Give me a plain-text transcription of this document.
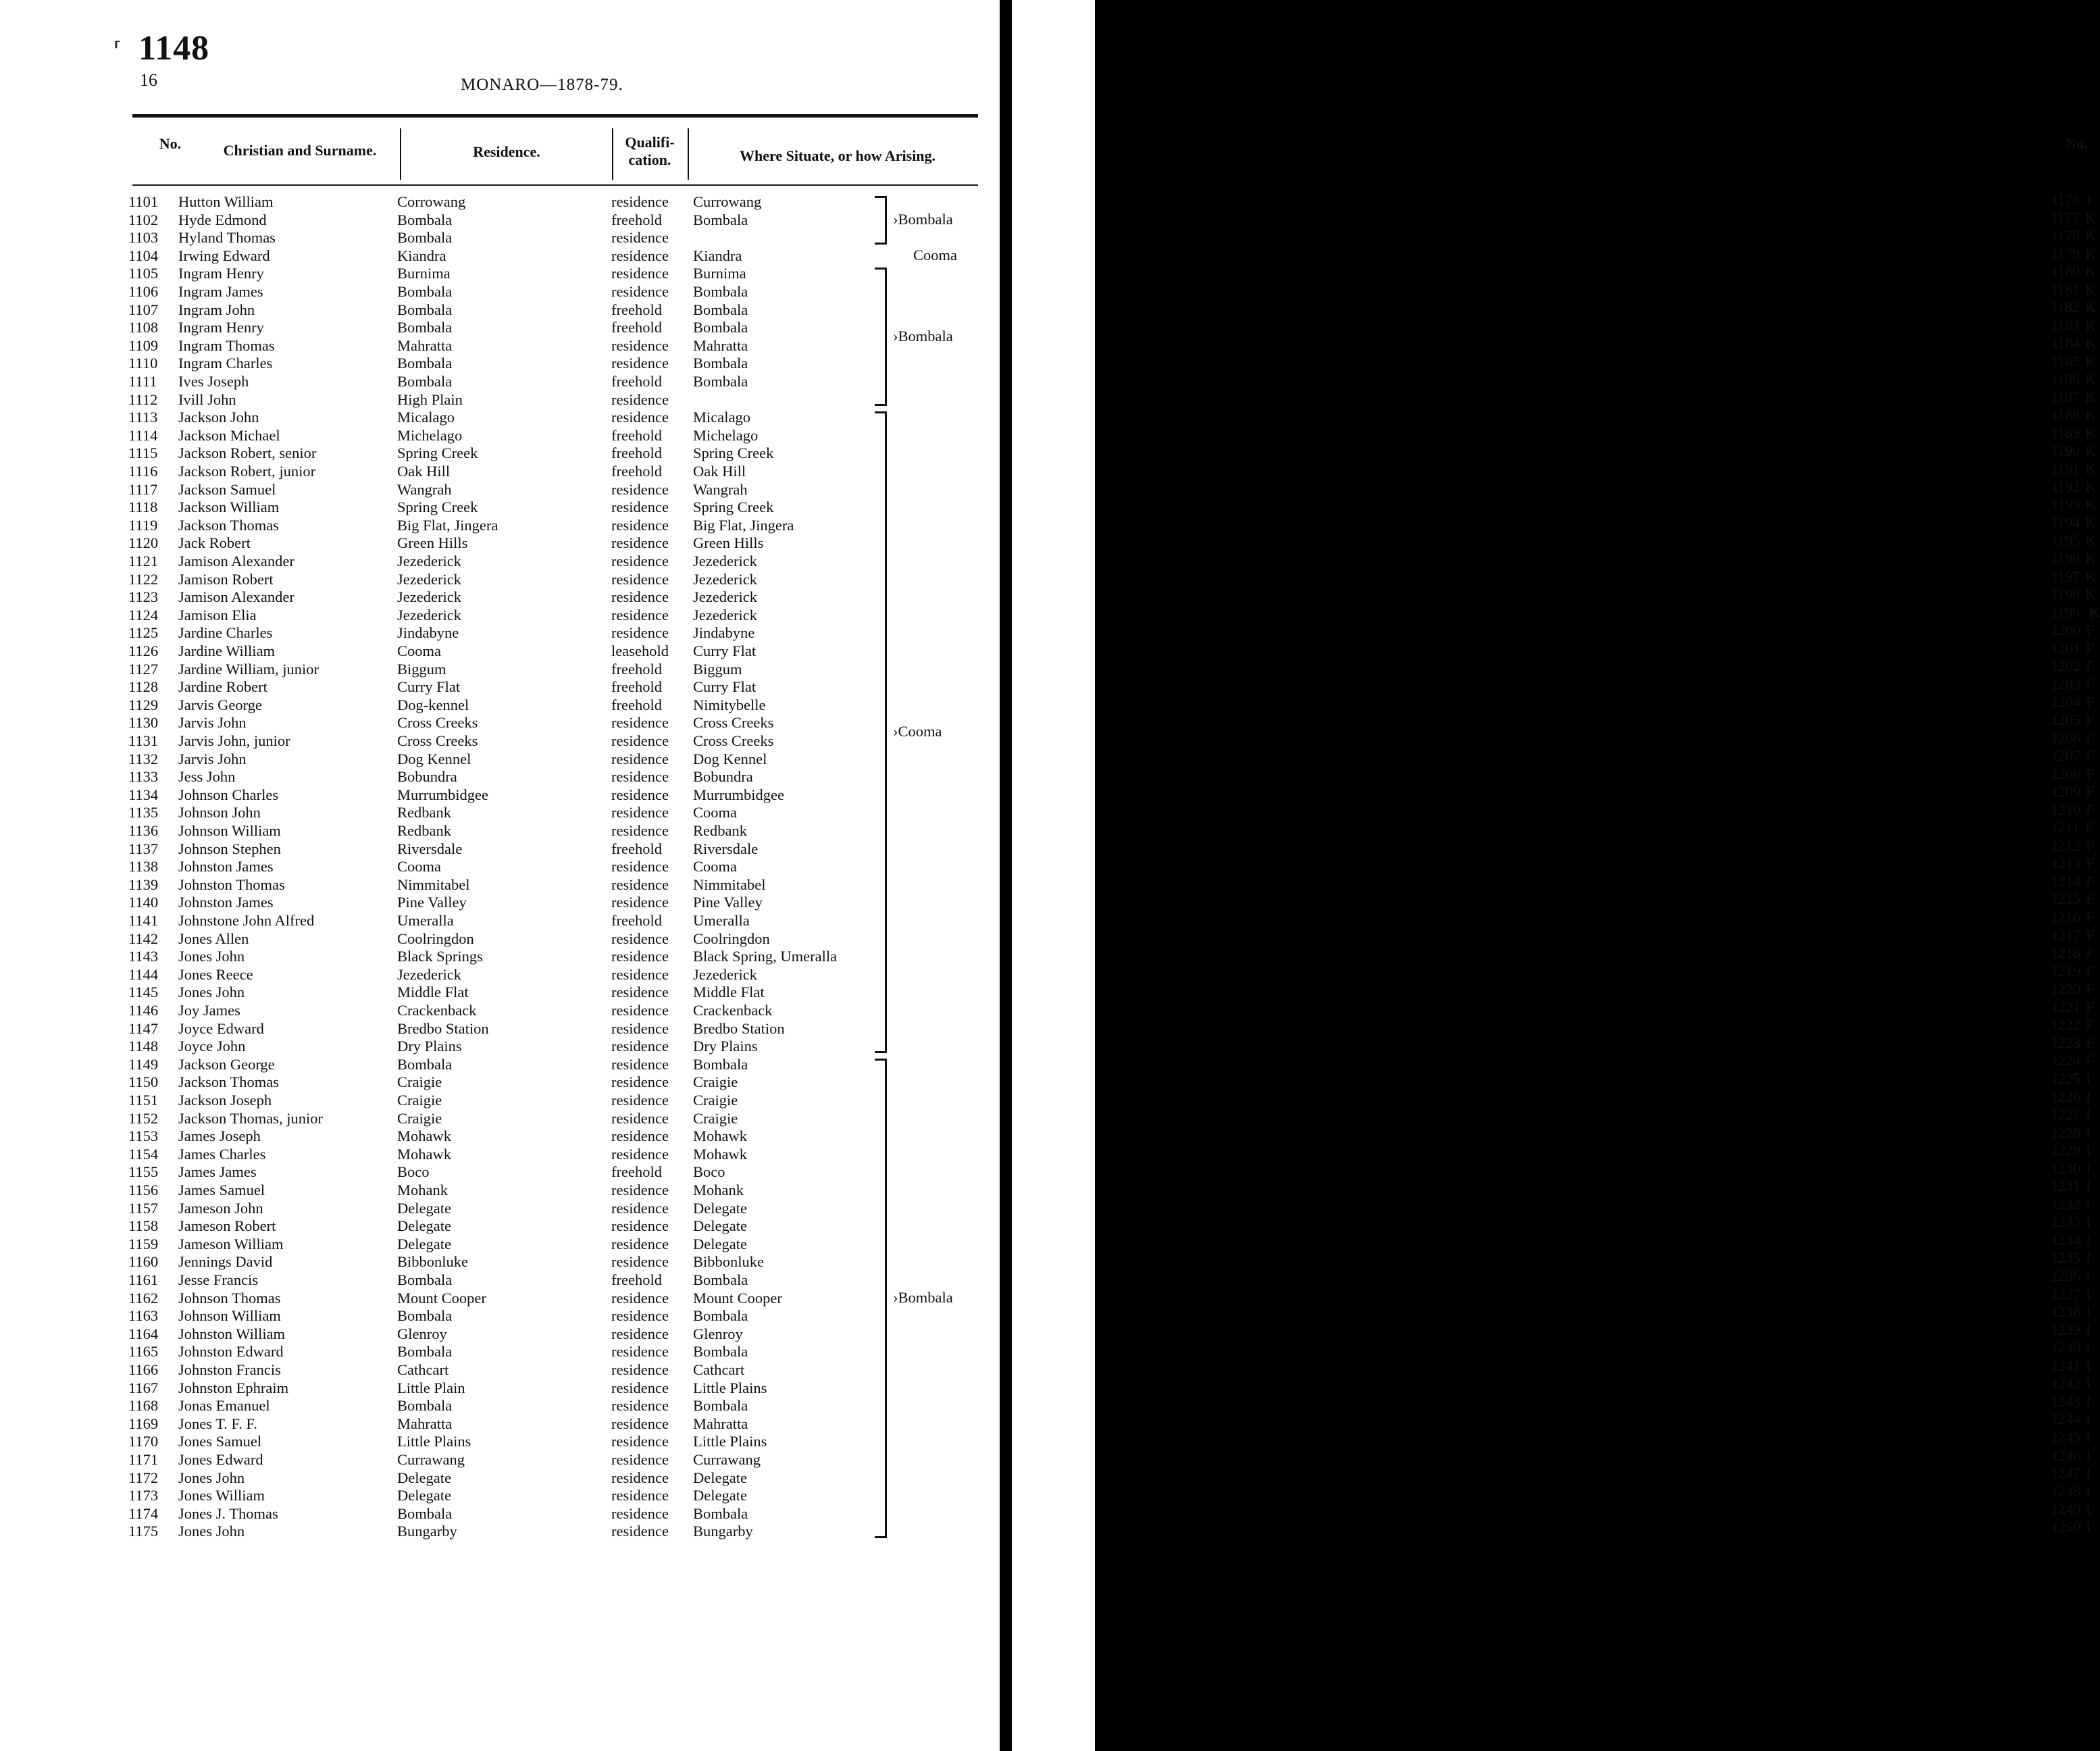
⸢ 1148
16	MONARO—1878-79.
No.	Christian and Surname.	Residence.
Qualifi-
cation.	Where Situate, or how Arising.
1101 Hutton William	Corrowang	residence Currowang
1102 Hyde Edmond	Bombala	freehold Bombala
1103 Hyland Thomas	Bombala	residence
1104 Irwing Edward	Kiandra	residence Kiandra
1105 Ingram Henry	Burnima	residence Burnima
1106 Ingram James	Bombala	residence Bombala
1107 Ingram John	Bombala	freehold Bombala
1108 Ingram Henry	Bombala	freehold Bombala
1109 Ingram Thomas	Mahratta	residence Mahratta
1110 Ingram Charles	Bombala	residence Bombala
1111 Ives Joseph	Bombala	freehold Bombala
1112 Ivill John	High Plain	residence
1113 Jackson John	Micalago	residence Micalago
1114 Jackson Michael	Michelago	freehold Michelago
1115 Jackson Robert, senior	Spring Creek	freehold Spring Creek
1116 Jackson Robert, junior	Oak Hill	freehold Oak Hill
1117 Jackson Samuel	Wangrah	residence Wangrah
1118 Jackson William	Spring Creek	residence Spring Creek
1119 Jackson Thomas	Big Flat, Jingera	residence Big Flat, Jingera
1120 Jack Robert	Green Hills	residence Green Hills
1121 Jamison Alexander	Jezederick	residence Jezederick
1122 Jamison Robert	Jezederick	residence Jezederick
1123 Jamison Alexander	Jezederick	residence Jezederick
1124 Jamison Elia	Jezederick	residence Jezederick
1125 Jardine Charles	Jindabyne	residence Jindabyne
1126 Jardine William	Cooma	leasehold Curry Flat
1127 Jardine William, junior	Biggum	freehold Biggum
1128 Jardine Robert	Curry Flat	freehold Curry Flat
1129 Jarvis George	Dog-kennel	freehold Nimitybelle
1130 Jarvis John	Cross Creeks	residence Cross Creeks
1131 Jarvis John, junior	Cross Creeks	residence Cross Creeks
1132 Jarvis John	Dog Kennel	residence Dog Kennel
1133 Jess John	Bobundra	residence Bobundra
1134 Johnson Charles	Murrumbidgee	residence Murrumbidgee
1135 Johnson John	Redbank	residence Cooma
1136 Johnson William	Redbank	residence Redbank
1137 Johnson Stephen	Riversdale	freehold Riversdale
1138 Johnston James	Cooma	residence Cooma
1139 Johnston Thomas	Nimmitabel	residence Nimmitabel
1140 Johnston James	Pine Valley	residence Pine Valley
1141 Johnstone John Alfred	Umeralla	freehold Umeralla
1142 Jones Allen	Coolringdon	residence Coolringdon
1143 Jones John	Black Springs	residence Black Spring, Umeralla
1144 Jones Reece	Jezederick	residence Jezederick
1145 Jones John	Middle Flat	residence Middle Flat
1146 Joy James	Crackenback	residence Crackenback
1147 Joyce Edward	Bredbo Station	residence Bredbo Station
1148 Joyce John	Dry Plains	residence Dry Plains
1149 Jackson George	Bombala	residence Bombala
1150 Jackson Thomas	Craigie	residence Craigie
1151 Jackson Joseph	Craigie	residence Craigie
1152 Jackson Thomas, junior	Craigie	residence Craigie
1153 James Joseph	Mohawk	residence Mohawk
1154 James Charles	Mohawk	residence Mohawk
1155 James James	Boco	freehold Boco
1156 James Samuel	Mohank	residence Mohank
1157 Jameson John	Delegate	residence Delegate
1158 Jameson Robert	Delegate	residence Delegate
1159 Jameson William	Delegate	residence Delegate
1160 Jennings David	Bibbonluke	residence Bibbonluke
1161 Jesse Francis	Bombala	freehold Bombala
1162 Johnson Thomas	Mount Cooper	residence Mount Cooper
1163 Johnson William	Bombala	residence Bombala
1164 Johnston William	Glenroy	residence Glenroy
1165 Johnston Edward	Bombala	residence Bombala
1166 Johnston Francis	Cathcart	residence Cathcart
1167 Johnston Ephraim	Little Plain	residence Little Plains
1168 Jonas Emanuel	Bombala	residence Bombala
1169 Jones T. F. F.	Mahratta	residence Mahratta
1170 Jones Samuel	Little Plains	residence Little Plains
1171 Jones Edward	Currawang	residence Currawang
1172 Jones John	Delegate	residence Delegate
1173 Jones William	Delegate	residence Delegate
1174 Jones J. Thomas	Bombala	residence Bombala
1175 Jones John	Bungarby	residence Bungarby
›Bombala
Cooma
›Bombala
›Cooma
›Bombala
No.
1176 J
1177 K
1178 K
1179 K
1180 K
1181 K
1182 K
1183 K
1184 K
1185 K
1186 K
1187 K
1188 K
1189 K
1190 K
1191 K
1192 K
1193 K
1194 K
1195 K
1196 K
1197 K
1198 K
1199. K
1200 F
1201 F
1202 F
1203 F
1204 F
1205 F
1206 F
1207 F
1208 F
1209 F
1210 F
1211 F
1212 F
1213 F
1214 F
1215 F
1216 F
1217 F
1218 F
1219 F
1220 F
1221 F
1222 F
1223 F
1224 F
1225 I
1226 I
1227 I
1228 I
1229 I
1230 I
1231 I
1232 I
1233 I
1234 I
1235 I
1236 I
1237 I
1238 I
1239 I
1240 I
1241 I
1242 I
1243 I
1244 I
1245 I
1246 I
1247 I
1248 I
1249 I
1250 I
